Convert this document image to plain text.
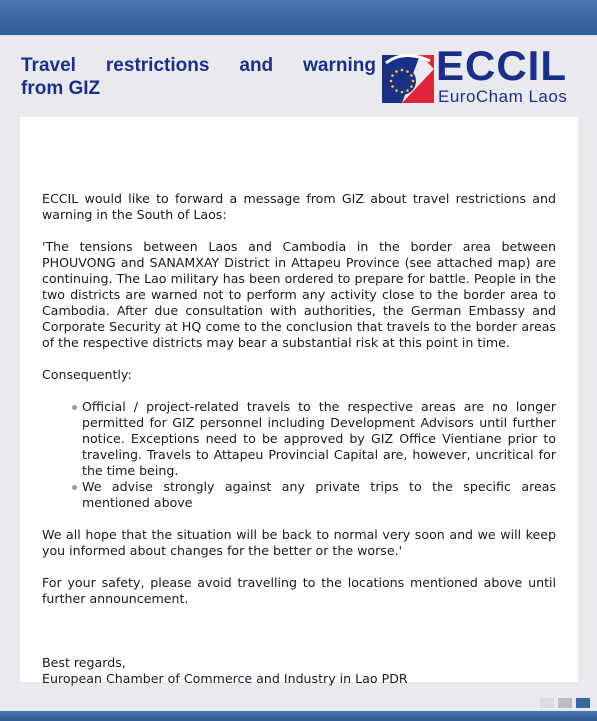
Travel restrictions and warning
from GIZ	ECCIL
EuroCham Laos

ECCIL would like to forward a message from GIZ about travel restrictions and warning in the South of Laos:

'The tensions between Laos and Cambodia in the border area between PHOUVONG and SANAMXAY District in Attapeu Province (see attached map) are continuing. The Lao military has been ordered to prepare for battle. People in the two districts are warned not to perform any activity close to the border area to Cambodia. After due consultation with authorities, the German Embassy and Corporate Security at HQ come to the conclusion that travels to the border areas of the respective districts may bear a substantial risk at this point in time.

Consequently:

Official / project-related travels to the respective areas are no longer permitted for GIZ personnel including Development Advisors until further notice. Exceptions need to be approved by GIZ Office Vientiane prior to traveling. Travels to Attapeu Provincial Capital are, however, uncritical for the time being.
We advise strongly against any private trips to the specific areas mentioned above

We all hope that the situation will be back to normal very soon and we will keep you informed about changes for the better or the worse.'

For your safety, please avoid travelling to the locations mentioned above until further announcement.

Best regards,

European Chamber of Commerce and Industry in Lao PDR
